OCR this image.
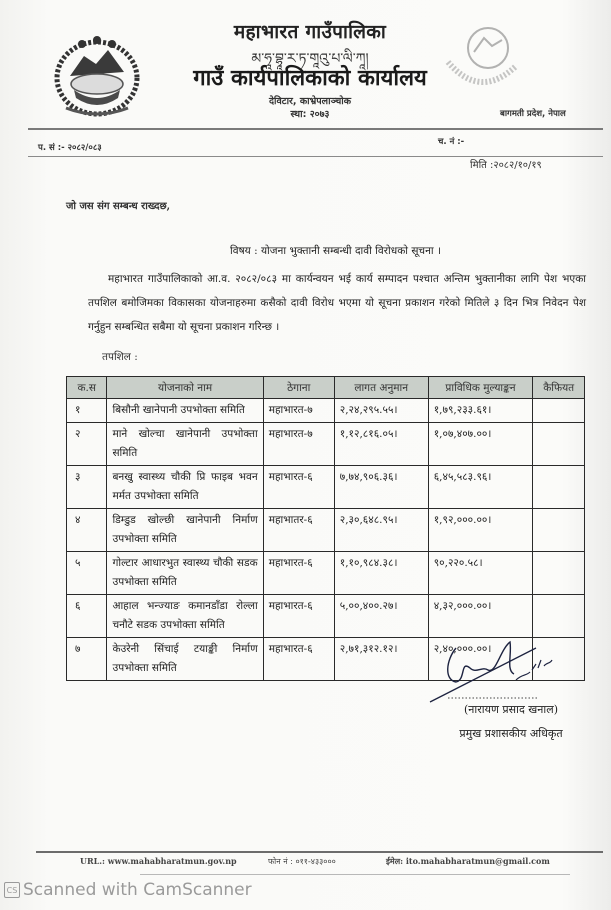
महाभारत गाउँपालिका
མ་ཧཱ་བྷཱ་ར་ཏ་གཱའུ་པ་ལི་ཀཱ།
गाउँ कार्यपालिकाको कार्यालय
देविटार, काभ्रेपलाञ्चोक
स्था: २०७३	बागमती प्रदेश, नेपाल
प. सं :- २०८२/०८३
च. नं :-
मिति :२०८२/१०/१९
जो जस संग सम्बन्ध राख्दछ,
विषय : योजना भुक्तानी सम्बन्धी दावी विरोधको सूचना ।
महाभारत गाउँपालिकाको आ.व. २०८२/०८३ मा कार्यन्वयन भई कार्य सम्पादन पश्चात अन्तिम भुक्तानीका लागि पेश भएका तपशिल बमोजिमका विकासका योजनाहरुमा कसैको दावी विरोध भएमा यो सूचना प्रकाशन गरेको मितिले ३ दिन भित्र निवेदन पेश गर्नुहुन सम्बन्धित सबैमा यो सूचना प्रकाशन गरिन्छ ।
तपशिल :
क.स	योजनाको नाम	ठेगाना	लागत अनुमान	प्राविधिक मुल्याङ्कन	कैफियत
१	बिसौनी खानेपानी उपभोक्ता समिति	महाभारत-७	२,२४,२९५.५५।	१,७९,२३३.६१।	
२	माने खोल्चा खानेपानी उपभोक्ता समिति	महाभारत-७	१,१२,८१६.०५।	१,०७,४०७.००।	
३	बनखु स्वास्थ्य चौकी प्रि फाइब भवन मर्मत उपभोक्ता समिति	महाभारत-६	७,७४,९०६.३६।	६,४५,५८३.९६।	
४	डिम्डुड खोल्छी खानेपानी निर्माण उपभोक्ता समिति	महाभातर-६	२,३०,६४८.९५।	१,९२,०००.००।	
५	गोल्टार आधारभुत स्वास्थ्य चौकी सडक उपभोक्ता समिति	महाभारत-६	१,१०,९८४.३८।	९०,२२०.५८।	
६	आहाल भन्ज्याङ कमानडाँडा रोल्ला चनौटे सडक उपभोक्ता समिति	महाभारत-६	५,००,४००.२७।	४,३२,०००.००।	
७	केउरेनी सिंचाई टयाङ्की निर्माण उपभोक्ता समिति	महाभारत-६	२,७१,३१२.१२।	२,४०,०००.००।	
(नारायण प्रसाद खनाल)
प्रमुख प्रशासकीय अधिकृत
URL.: www.mahabharatmun.gov.np	फोन नं : ०११-४३३०००	ईमेल: ito.mahabharatmun@gmail.com
CS Scanned with CamScanner
